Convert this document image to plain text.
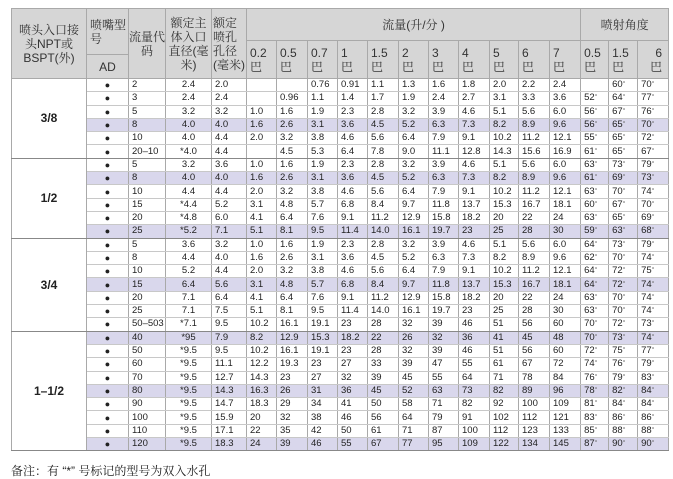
喷头入口接头NPT或BSPT(外)	喷嘴型号	流量代码	额定主体入口直径(毫米)	额定喷孔孔径(毫米)	流量(升/分 )											喷射角度		
					0.2 巴	0.5 巴	0.7 巴	1 巴	1.5 巴	2 巴	3 巴	4 巴	5 巴	6 巴	7 巴	0.5 巴	1.5 巴	6 巴
	AD																	
3/8	●	2	2.4	2.0			0.76	0.91	1.1	1.3	1.6	1.8	2.0	2.2	2.4		60 °	70 °
	●	3	2.4	2.4		0.96	1.1	1.4	1.7	1.9	2.4	2.7	3.1	3.3	3.6	52 °	64 °	77 °
	●	5	3.2	3.2	1.0	1.6	1.9	2.3	2.8	3.2	3.9	4.6	5.1	5.6	6.0	56 °	67 °	76 °
	●	8	4.0	4.0	1.6	2.6	3.1	3.6	4.5	5.2	6.3	7.3	8.2	8.9	9.6	56 °	65 °	70 °
	●	10	4.0	4.4	2.0	3.2	3.8	4.6	5.6	6.4	7.9	9.1	10.2	11.2	12.1	55 °	65 °	72 °
	●	20–10	*4.0	4.4		4.5	5.3	6.4	7.8	9.0	11.1	12.8	14.3	15.6	16.9	61 °	65 °	67 °
1/2	●	5	3.2	3.6	1.0	1.6	1.9	2.3	2.8	3.2	3.9	4.6	5.1	5.6	6.0	63 °	73 °	79 °
	●	8	4.0	4.0	1.6	2.6	3.1	3.6	4.5	5.2	6.3	7.3	8.2	8.9	9.6	61 °	69 °	73 °
	●	10	4.4	4.4	2.0	3.2	3.8	4.6	5.6	6.4	7.9	9.1	10.2	11.2	12.1	63 °	70 °	74 °
	●	15	*4.4	5.2	3.1	4.8	5.7	6.8	8.4	9.7	11.8	13.7	15.3	16.7	18.1	60 °	67 °	70 °
	●	20	*4.8	6.0	4.1	6.4	7.6	9.1	11.2	12.9	15.8	18.2	20	22	24	63 °	65 °	69 °
	●	25	*5.2	7.1	5.1	8.1	9.5	11.4	14.0	16.1	19.7	23	25	28	30	59 °	63 °	68 °
3/4	●	5	3.6	3.2	1.0	1.6	1.9	2.3	2.8	3.2	3.9	4.6	5.1	5.6	6.0	64 °	73 °	79 °
	●	8	4.4	4.0	1.6	2.6	3.1	3.6	4.5	5.2	6.3	7.3	8.2	8.9	9.6	62 °	70 °	74 °
	●	10	5.2	4.4	2.0	3.2	3.8	4.6	5.6	6.4	7.9	9.1	10.2	11.2	12.1	64 °	72 °	75 °
	●	15	6.4	5.6	3.1	4.8	5.7	6.8	8.4	9.7	11.8	13.7	15.3	16.7	18.1	64 °	72 °	74 °
	●	20	7.1	6.4	4.1	6.4	7.6	9.1	11.2	12.9	15.8	18.2	20	22	24	63 °	70 °	74 °
	●	25	7.1	7.5	5.1	8.1	9.5	11.4	14.0	16.1	19.7	23	25	28	30	63 °	70 °	74 °
	●	50–503	*7.1	9.5	10.2	16.1	19.1	23	28	32	39	46	51	56	60	70 °	72 °	73 °
1–1/2	●	40	*95	7.9	8.2	12.9	15.3	18.2	22	26	32	36	41	45	48	70 °	73 °	74 °
	●	50	*9.5	9.5	10.2	16.1	19.1	23	28	32	39	46	51	56	60	72 °	75 °	77 °
	●	60	*9.5	11.1	12.2	19.3	23	27	33	39	47	55	61	67	72	74 °	76 °	79 °
	●	70	*9.5	12.7	14.3	23	27	32	39	45	55	64	71	78	84	76 °	79 °	83 °
	●	80	*9.5	14.3	16.3	26	31	36	45	52	63	73	82	89	96	78 °	82 °	84 °
	●	90	*9.5	14.7	18.3	29	34	41	50	58	71	82	92	100	109	81 °	84 °	84 °
	●	100	*9.5	15.9	20	32	38	46	56	64	79	91	102	112	121	83 °	86 °	86 °
	●	110	*9.5	17.1	22	35	42	50	61	71	87	100	112	123	133	85 °	88 °	88 °
	●	120	*9.5	18.3	24	39	46	55	67	77	95	109	122	134	145	87 °	90 °	90 °
备注：有 “*” 号标记的型号为双入水孔
